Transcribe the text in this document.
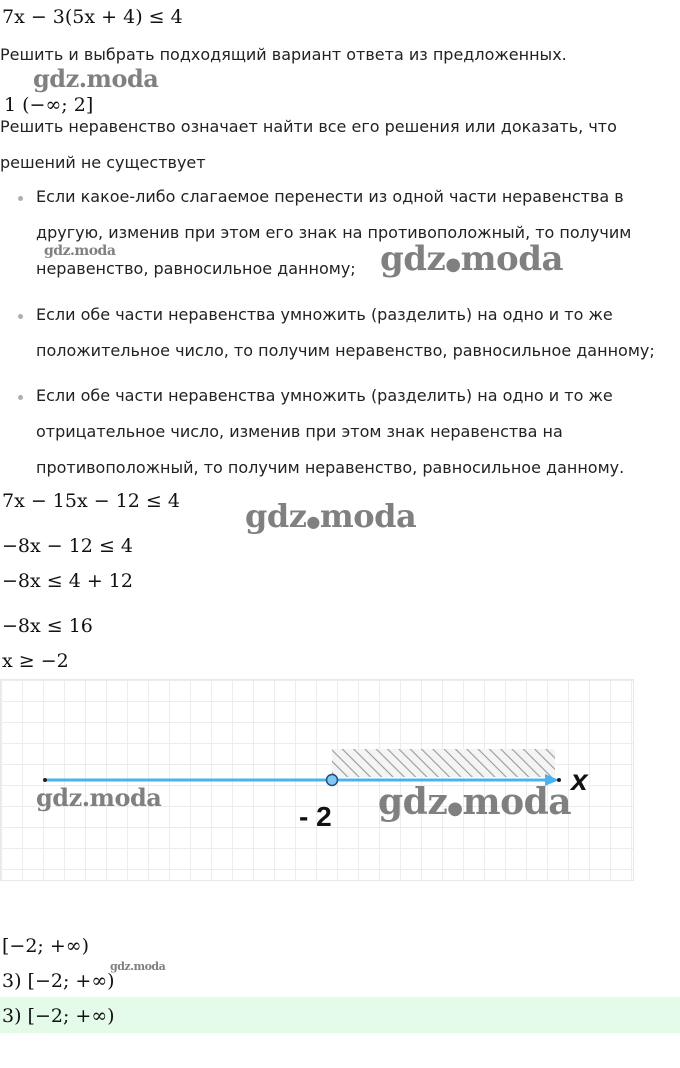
7x − 3(5x + 4) ≤ 4
Решить и выбрать подходящий вариант ответа из предложенных.
1 (−∞; 2]
Решить неравенство означает найти все его решения или доказать, что
решений не существует
Если какое-либо слагаемое перенести из одной части неравенства в
другую, изменив при этом его знак на противоположный, то получим
неравенство, равносильное данному;
Если обе части неравенства умножить (разделить) на одно и то же
положительное число, то получим неравенство, равносильное данному;
Если обе части неравенства умножить (разделить) на одно и то же
отрицательное число, изменив при этом знак неравенства на
противоположный, то получим неравенство, равносильное данному.
7x − 15x − 12 ≤ 4
−8x − 12 ≤ 4
−8x ≤ 4 + 12
−8x ≤ 16
x ≥ −2
- 2
x
[−2; +∞)
3) [−2; +∞)
3) [−2; +∞)
gdz.moda
gdz.moda	gdz●moda
gdz●moda
gdz.moda	gdz●moda
gdz.moda
